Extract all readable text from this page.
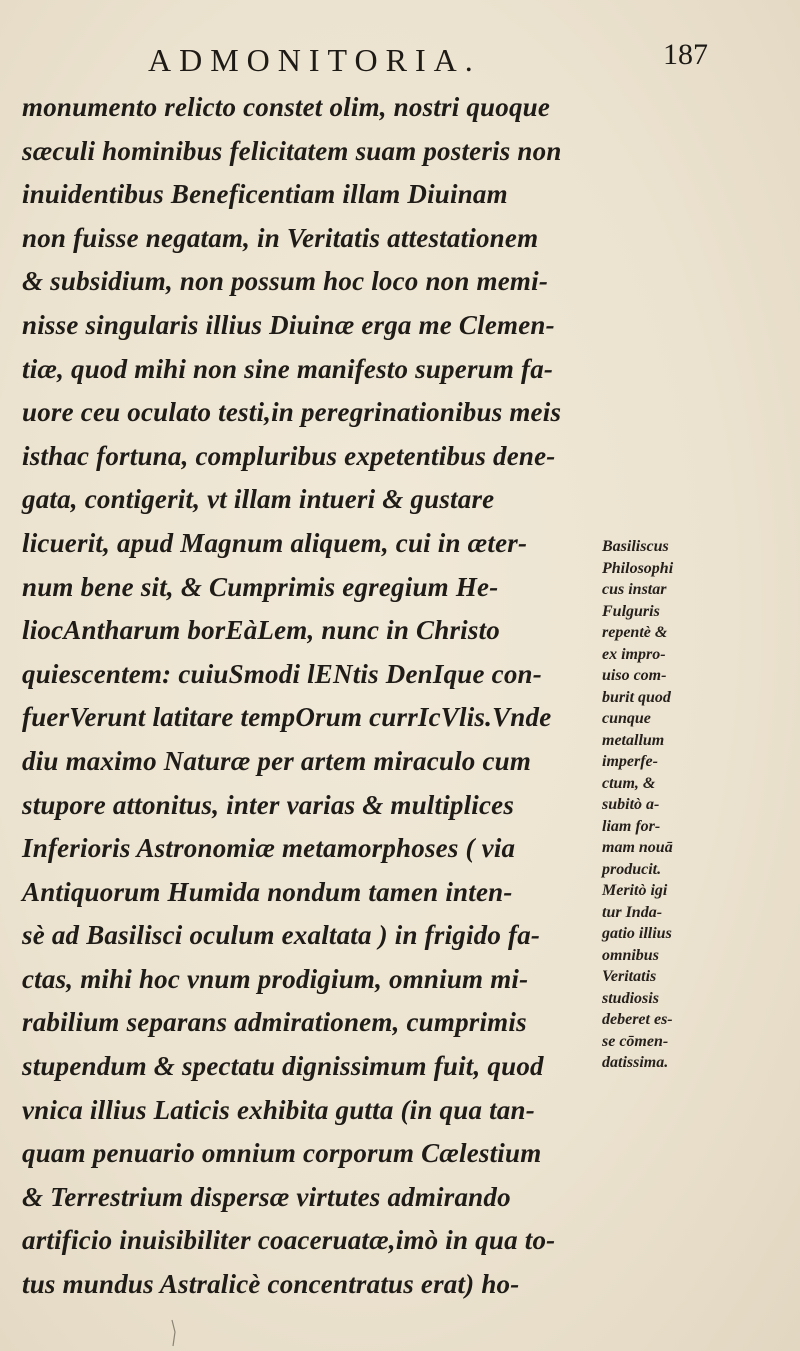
ADMONITORIA.	187
monumento relicto constet olim, nostri quoque
sæculi hominibus felicitatem suam posteris non
inuidentibus Beneficentiam illam Diuinam
non fuisse negatam, in Veritatis attestationem
& subsidium, non possum hoc loco non memi-
nisse singularis illius Diuinæ erga me Clemen-
tiæ, quod mihi non sine manifesto superum fa-
uore ceu oculato testi,in peregrinationibus meis
isthac fortuna, compluribus expetentibus dene-
gata, contigerit, vt illam intueri & gustare
licuerit, apud Magnum aliquem, cui in æter-
num bene sit, & Cumprimis egregium He-
liocAntharum borEàLem, nunc in Christo
quiescentem: cuiuSmodi lENtis DenIque con-
fuerVerunt latitare tempOrum currIcVlis.Vnde
diu maximo Naturæ per artem miraculo cum
stupore attonitus, inter varias & multiplices
Inferioris Astronomiæ metamorphoses ( via
Antiquorum Humida nondum tamen inten-
sè ad Basilisci oculum exaltata ) in frigido fa-
ctas, mihi hoc vnum prodigium, omnium mi-
rabilium separans admirationem, cumprimis
stupendum & spectatu dignissimum fuit, quod
vnica illius Laticis exhibita gutta (in qua tan-
quam penuario omnium corporum Cælestium
& Terrestrium dispersæ virtutes admirando
artificio inuisibiliter coaceruatæ,imò in qua to-
tus mundus Astralicè concentratus erat) ho-
Basiliscus
Philosophi
cus instar
Fulguris
repentè &
ex impro-
uiso com-
burit quod
cunque
metallum
imperfe-
ctum, &
subitò a-
liam for-
mam nouā
producit.
Meritò igi
tur Inda-
gatio illius
omnibus
Veritatis
studiosis
deberet es-
se cōmen-
datissima.
